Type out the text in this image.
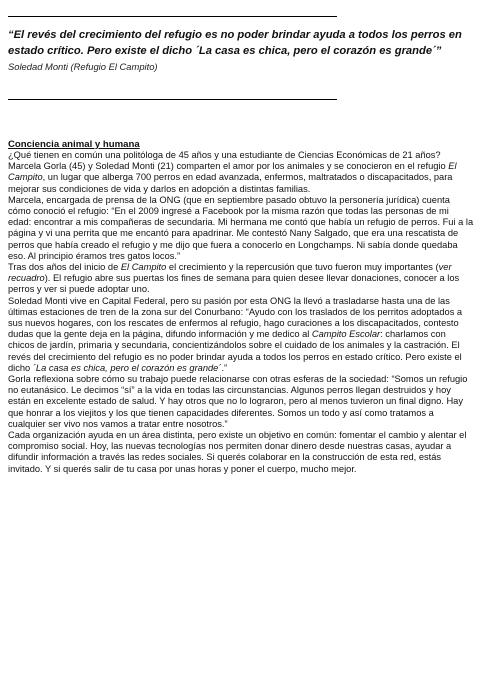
“El revés del crecimiento del refugio es no poder brindar ayuda a todos los perros en estado crítico. Pero existe el dicho ´La casa es chica, pero el corazón es grande´” Soledad Monti (Refugio El Campito)

Conciencia animal y humana

¿Qué tienen en común una politóloga de 45 años y una estudiante de Ciencias Económicas de 21 años? Marcela Gorla (45) y Soledad Monti (21) comparten el amor por los animales y se conocieron en el refugio El Campito, un lugar que alberga 700 perros en edad avanzada, enfermos, maltratados o discapacitados, para mejorar sus condiciones de vida y darlos en adopción a distintas familias.

Marcela, encargada de prensa de la ONG (que en septiembre pasado obtuvo la personería jurídica) cuenta cómo conoció el refugio: “En el 2009 ingresé a Facebook por la misma razón que todas las personas de mi edad: encontrar a mis compañeras de secundaria. Mi hermana me contó que había un refugio de perros. Fui a la página y vi una perrita que me encantó para apadrinar. Me contestó Nany Salgado, que era una rescatista de perros que había creado el refugio y me dijo que fuera a conocerlo en Longchamps. Ni sabía donde quedaba eso. Al principio éramos tres gatos locos.”

Tras dos años del inicio de El Campito el crecimiento y la repercusión que tuvo fueron muy importantes (ver recuadro). El refugio abre sus puertas los fines de semana para quien desee llevar donaciones, conocer a los perros y ver si puede adoptar uno.

Soledad Monti vive en Capital Federal, pero su pasión por esta ONG la llevó a trasladarse hasta una de las últimas estaciones de tren de la zona sur del Conurbano: “Ayudo con los traslados de los perritos adoptados a sus nuevos hogares, con los rescates de enfermos al refugio, hago curaciones a los discapacitados, contesto dudas que la gente deja en la página, difundo información y me dedico al Campito Escolar: charlamos con chicos de jardín, primaria y secundaria, concientizándolos sobre el cuidado de los animales y la castración. El revés del crecimiento del refugio es no poder brindar ayuda a todos los perros en estado crítico. Pero existe el dicho ´La casa es chica, pero el corazón es grande´.”

Gorla reflexiona sobre cómo su trabajo puede relacionarse con otras esferas de la sociedad: “Somos un refugio no eutanásico. Le decimos “sí” a la vida en todas las circunstancias. Algunos perros llegan destruidos y hoy están en excelente estado de salud. Y hay otros que no lo lograron, pero al menos tuvieron un final digno. Hay que honrar a los viejitos y los que tienen capacidades diferentes. Somos un todo y así como tratamos a cualquier ser vivo nos vamos a tratar entre nosotros.”

Cada organización ayuda en un área distinta, pero existe un objetivo en común: fomentar el cambio y alentar el compromiso social. Hoy, las nuevas tecnologías nos permiten donar dinero desde nuestras casas, ayudar a difundir información a través las redes sociales. Si querés colaborar en la construcción de esta red, estás invitado. Y si querés salir de tu casa por unas horas y poner el cuerpo, mucho mejor.
